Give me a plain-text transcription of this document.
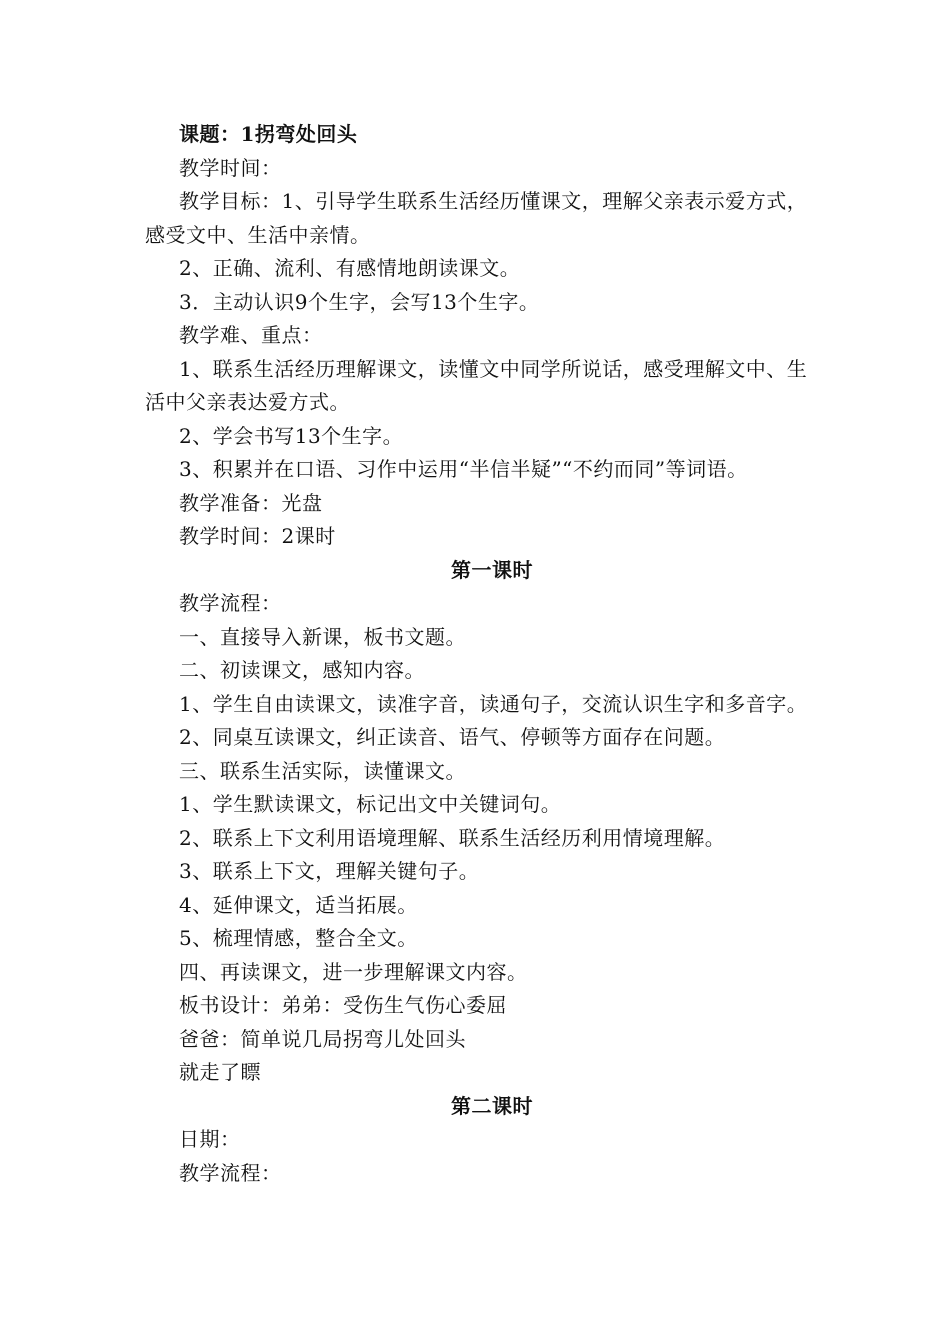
课题：1拐弯处回头
教学时间：
教学目标：1、引导学生联系生活经历懂课文，理解父亲表示爱方式，感受文中、生活中亲情。
2、正确、流利、有感情地朗读课文。
3．主动认识9个生字，会写13个生字。
教学难、重点：
1、联系生活经历理解课文，读懂文中同学所说话，感受理解文中、生活中父亲表达爱方式。
2、学会书写13个生字。
3、积累并在口语、习作中运用“半信半疑”“不约而同”等词语。
教学准备：光盘
教学时间：2课时
第一课时
教学流程：
一、直接导入新课，板书文题。
二、初读课文，感知内容。
1、学生自由读课文，读准字音，读通句子，交流认识生字和多音字。
2、同桌互读课文，纠正读音、语气、停顿等方面存在问题。
三、联系生活实际，读懂课文。
1、学生默读课文，标记出文中关键词句。
2、联系上下文利用语境理解、联系生活经历利用情境理解。
3、联系上下文，理解关键句子。
4、延伸课文，适当拓展。
5、梳理情感，整合全文。
四、再读课文，进一步理解课文内容。
板书设计：弟弟：受伤生气伤心委屈
爸爸：简单说几局拐弯儿处回头
就走了瞟
第二课时
日期：
教学流程：
